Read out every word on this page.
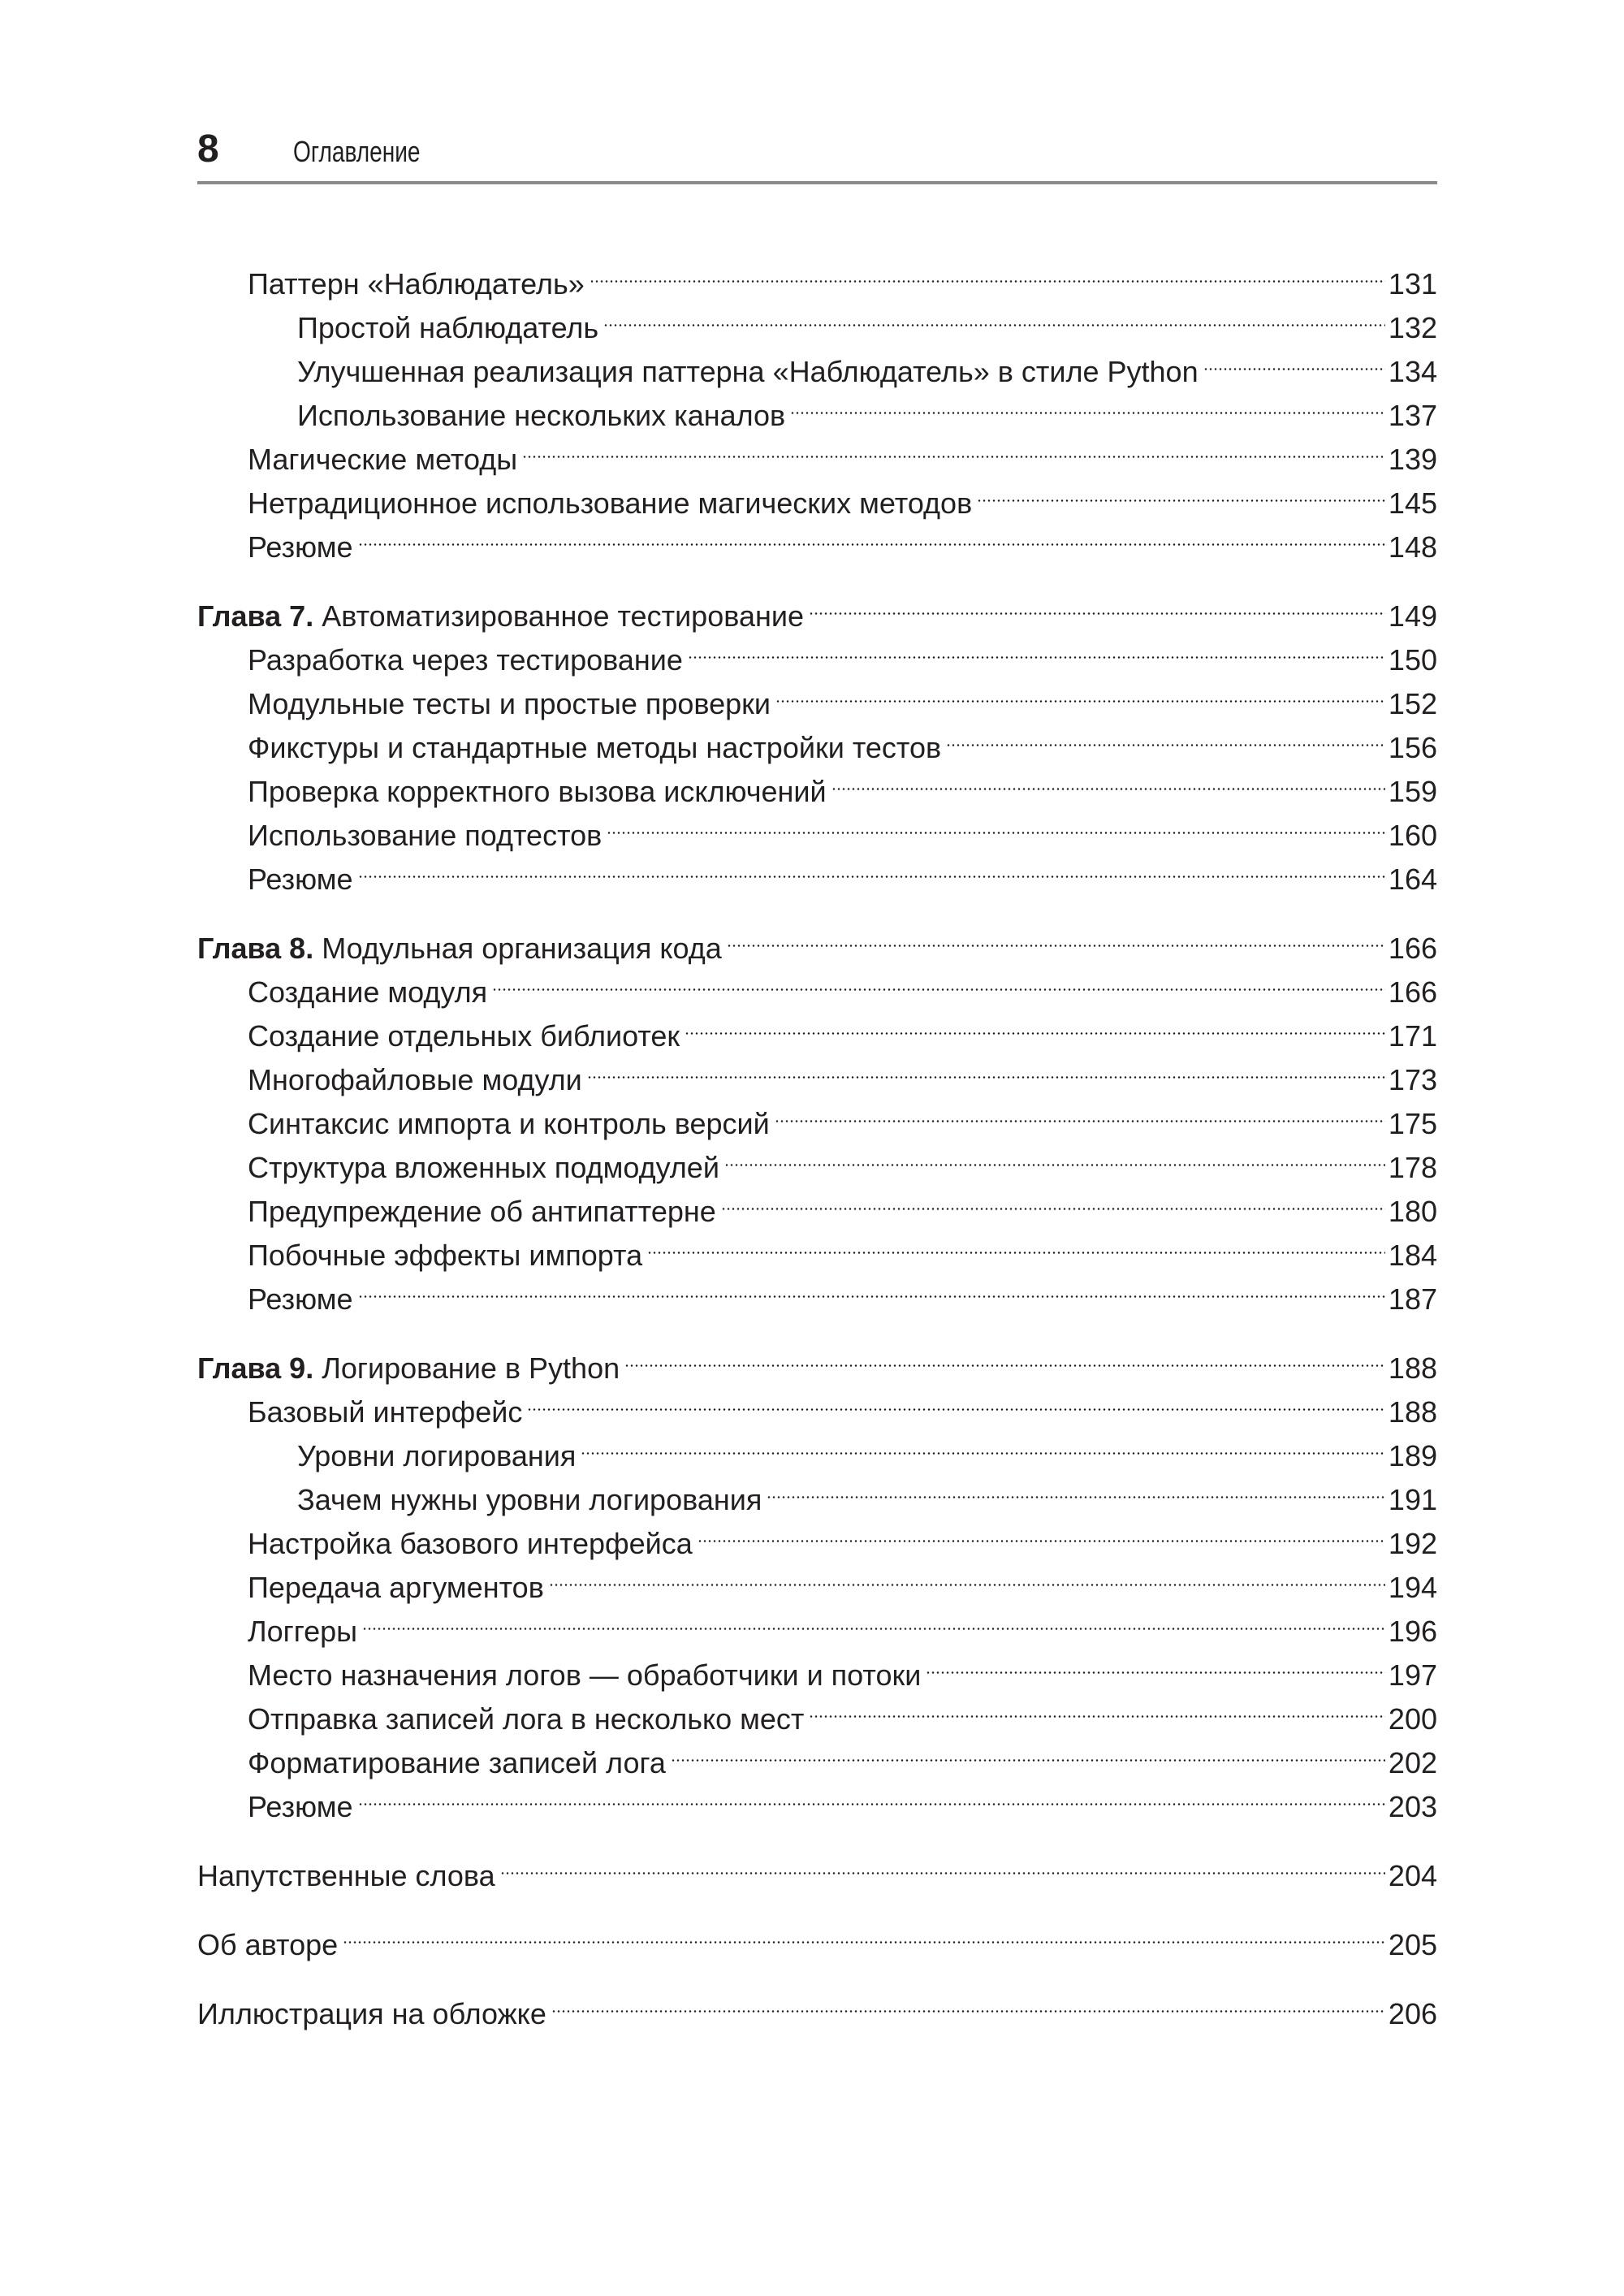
8	Оглавление
Паттерн «Наблюдатель»	131
Простой наблюдатель	132
Улучшенная реализация паттерна «Наблюдатель» в стиле Python	134
Использование нескольких каналов	137
Магические методы	139
Нетрадиционное использование магических методов	145
Резюме	148
Глава 7. Автоматизированное тестирование	149
Разработка через тестирование	150
Модульные тесты и простые проверки	152
Фикстуры и стандартные методы настройки тестов	156
Проверка корректного вызова исключений	159
Использование подтестов	160
Резюме	164
Глава 8. Модульная организация кода	166
Создание модуля	166
Создание отдельных библиотек	171
Многофайловые модули	173
Синтаксис импорта и контроль версий	175
Структура вложенных подмодулей	178
Предупреждение об антипаттерне	180
Побочные эффекты импорта	184
Резюме	187
Глава 9. Логирование в Python	188
Базовый интерфейс	188
Уровни логирования	189
Зачем нужны уровни логирования	191
Настройка базового интерфейса	192
Передача аргументов	194
Логгеры	196
Место назначения логов — обработчики и потоки	197
Отправка записей лога в несколько мест	200
Форматирование записей лога	202
Резюме	203
Напутственные слова	204
Об авторе	205
Иллюстрация на обложке	206
